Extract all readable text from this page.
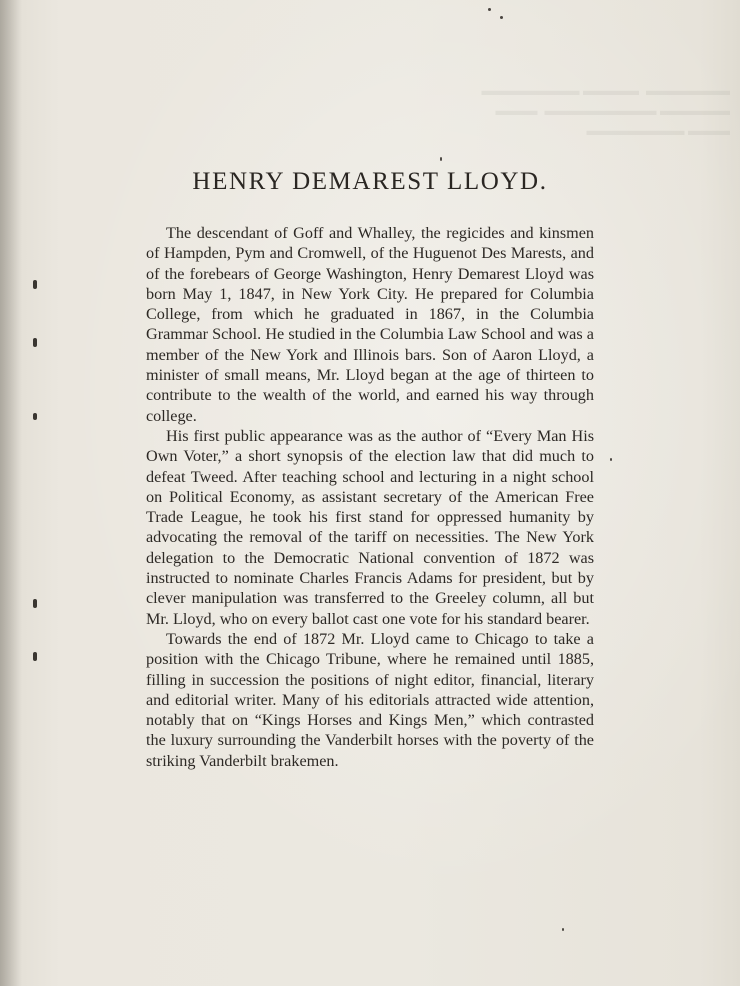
▬▬▬▬▬▬  ▬▬▬▬ ▬▬▬▬▬▬▬
▬▬▬▬▬ ▬▬▬▬▬▬▬▬  ▬▬▬
▬▬▬ ▬▬▬▬▬▬▬
HENRY DEMAREST LLOYD.

The descendant of Goff and Whalley, the regicides and kinsmen of Hampden, Pym and Cromwell, of the Huguenot Des Marests, and of the forebears of George Washington, Henry Demarest Lloyd was born May 1, 1847, in New York City. He prepared for Columbia College, from which he graduated in 1867, in the Columbia Grammar School. He studied in the Columbia Law School and was a member of the New York and Illinois bars. Son of Aaron Lloyd, a minister of small means, Mr. Lloyd began at the age of thirteen to contribute to the wealth of the world, and earned his way through college.

His first public appearance was as the author of “Every Man His Own Voter,” a short synopsis of the election law that did much to defeat Tweed. After teaching school and lecturing in a night school on Political Economy, as assistant secretary of the American Free Trade League, he took his first stand for oppressed humanity by advocating the removal of the tariff on necessities. The New York delegation to the Democratic National convention of 1872 was instructed to nominate Charles Francis Adams for president, but by clever manipulation was transferred to the Greeley column, all but Mr. Lloyd, who on every ballot cast one vote for his standard bearer.

Towards the end of 1872 Mr. Lloyd came to Chicago to take a position with the Chicago Tribune, where he remained until 1885, filling in succession the positions of night editor, financial, literary and editorial writer. Many of his editorials attracted wide attention, notably that on “Kings Horses and Kings Men,” which contrasted the luxury surrounding the Vanderbilt horses with the poverty of the striking Vanderbilt brakemen.
